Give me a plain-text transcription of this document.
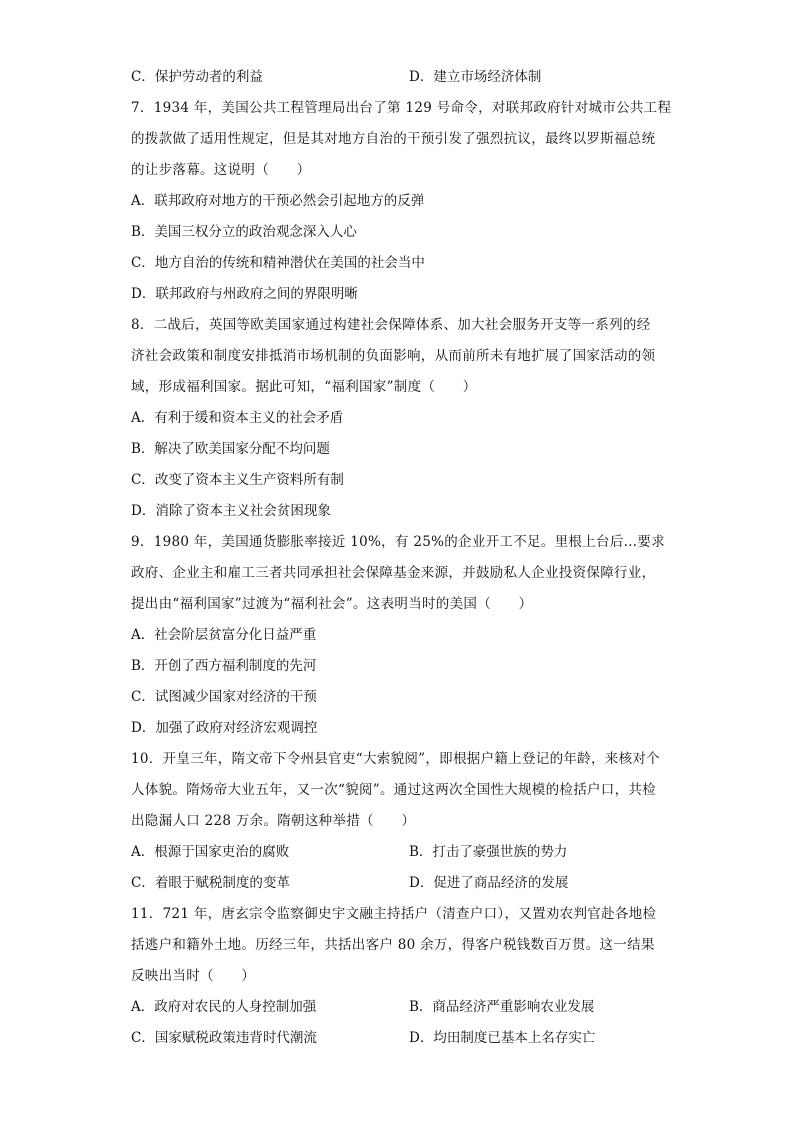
C．保护劳动者的利益	D．建立市场经济体制
7．1934 年，美国公共工程管理局出台了第 129 号命令，对联邦政府针对城市公共工程
的拨款做了适用性规定，但是其对地方自治的干预引发了强烈抗议，最终以罗斯福总统
的让步落幕。这说明（　　）
A．联邦政府对地方的干预必然会引起地方的反弹
B．美国三权分立的政治观念深入人心
C．地方自治的传统和精神潜伏在美国的社会当中
D．联邦政府与州政府之间的界限明晰
8．二战后，英国等欧美国家通过构建社会保障体系、加大社会服务开支等一系列的经
济社会政策和制度安排抵消市场机制的负面影响，从而前所未有地扩展了国家活动的领
域，形成福利国家。据此可知，“福利国家”制度（　　）
A．有利于缓和资本主义的社会矛盾
B．解决了欧美国家分配不均问题
C．改变了资本主义生产资料所有制
D．消除了资本主义社会贫困现象
9．1980 年，美国通货膨胀率接近 10%，有 25%的企业开工不足。里根上台后…要求
政府、企业主和雇工三者共同承担社会保障基金来源，并鼓励私人企业投资保障行业，
提出由“福利国家”过渡为“福利社会”。这表明当时的美国（　　）
A．社会阶层贫富分化日益严重
B．开创了西方福利制度的先河
C．试图减少国家对经济的干预
D．加强了政府对经济宏观调控
10．开皇三年，隋文帝下令州县官吏“大索貌阅”，即根据户籍上登记的年龄，来核对个
人体貌。隋炀帝大业五年，又一次“貌阅”。通过这两次全国性大规模的检括户口，共检
出隐漏人口 228 万余。隋朝这种举措（　　）
A．根源于国家吏治的腐败	B．打击了豪强世族的势力
C．着眼于赋税制度的变革	D．促进了商品经济的发展
11．721 年，唐玄宗令监察御史宇文融主持括户（清查户口），又置劝农判官赴各地检
括逃户和籍外土地。历经三年，共括出客户 80 余万，得客户税钱数百万贯。这一结果
反映出当时（　　）
A．政府对农民的人身控制加强	B．商品经济严重影响农业发展
C．国家赋税政策违背时代潮流	D．均田制度已基本上名存实亡
